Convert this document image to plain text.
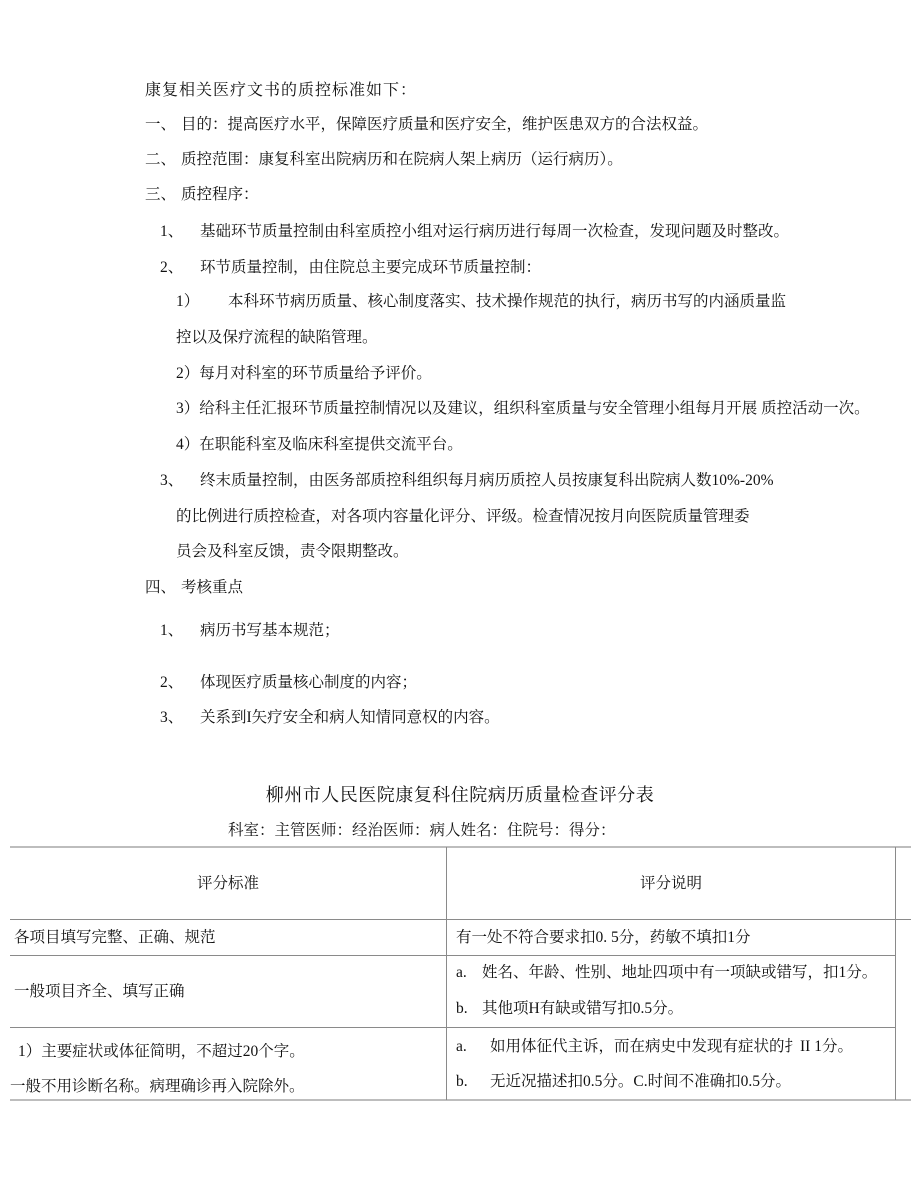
康复相关医疗文书的质控标准如下：
一、 目的：提高医疗水平，保障医疗质量和医疗安全，维护医患双方的合法权益。
二、 质控范围：康复科室出院病历和在院病人架上病历（运行病历）。
三、 质控程序：
1、 基础环节质量控制由科室质控小组对运行病历进行每周一次检查，发现问题及时整改。
2、 环节质量控制，由住院总主要完成环节质量控制：
1） 本科环节病历质量、核心制度落实、技术操作规范的执行，病历书写的内涵质量监
控以及保疗流程的缺陷管理。
2）每月对科室的环节质量给予评价。
3）给科主任汇报环节质量控制情况以及建议，组织科室质量与安全管理小组每月开展 质控活动一次。
4）在职能科室及临床科室提供交流平台。
3、 终末质量控制，由医务部质控科组织每月病历质控人员按康复科出院病人数10%-20%
的比例进行质控检查，对各项内容量化评分、评级。检查情况按月向医院质量管理委
员会及科室反馈，责令限期整改。
四、 考核重点
1、 病历书写基本规范；
2、 体现医疗质量核心制度的内容；
3、 关系到I矢疗安全和病人知情同意权的内容。
柳州市人民医院康复科住院病历质量检查评分表
科室：主管医师：经治医师：病人姓名：住院号：得分：
评分标准	评分说明
各项目填写完整、正确、规范	有一处不符合要求扣0. 5分，药敏不填扣1分
一般项目齐全、填写正确
a. 姓名、年龄、性别、地址四项中有一项缺或错写，扣1分。
b. 其他项H有缺或错写扣0.5分。
1）主要症状或体征简明，不超过20个字。
一般不用诊断名称。病理确诊再入院除外。
a. 如用体征代主诉，而在病史中发现有症状的扌II 1分。
b. 无近况描述扣0.5分。C.时间不准确扣0.5分。
